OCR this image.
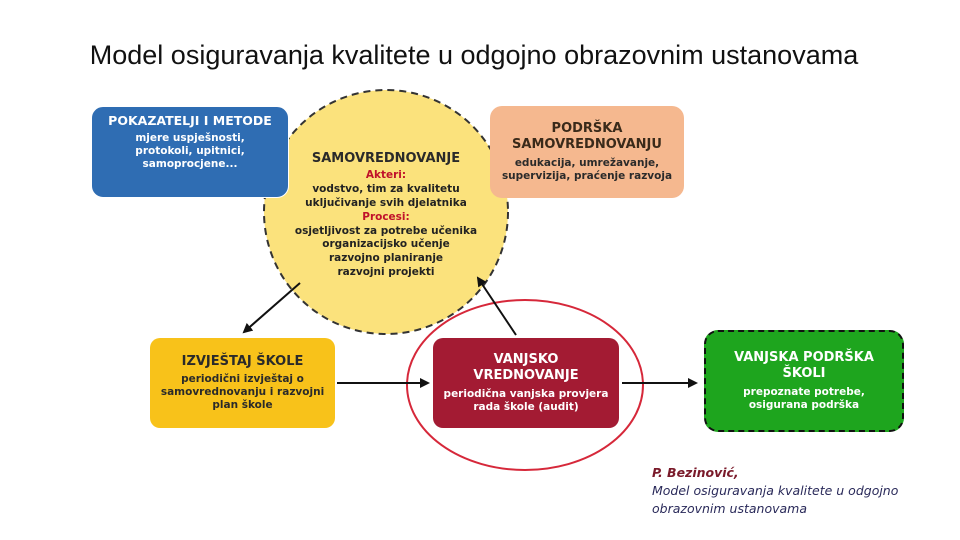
Model osiguravanja kvalitete u odgojno obrazovnim ustanovama
POKAZATELJI I METODE
mjere uspješnosti,
protokoli, upitnici,
samoprocjene...
PODRŠKA
SAMOVREDNOVANJU
edukacija, umrežavanje,
supervizija, praćenje razvoja
SAMOVREDNOVANJE
Akteri:
vodstvo, tim za kvalitetu
uključivanje svih djelatnika
Procesi:
osjetljivost za potrebe učenika
organizacijsko učenje
razvojno planiranje
razvojni projekti
IZVJEŠTAJ ŠKOLE
periodični izvještaj o
samovrednovanju i razvojni
plan škole
VANJSKO
VREDNOVANJE
periodična vanjska provjera
rada škole (audit)
VANJSKA PODRŠKA
ŠKOLI
prepoznate potrebe,
osigurana podrška
P. Bezinović,
Model osiguravanja kvalitete u odgojno
obrazovnim ustanovama
